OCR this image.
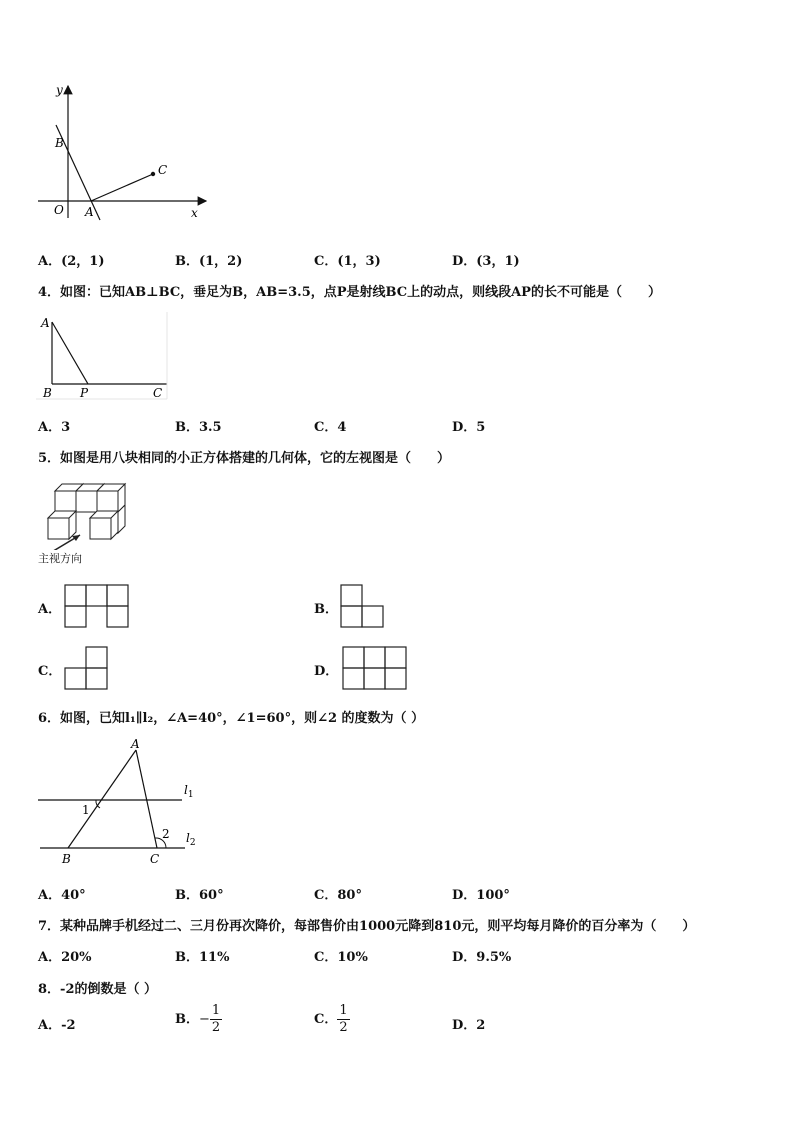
y
x
O A
B
C
A．(2，1)	B．(1，2)	C．(1，3)	D．(3，1)
4．如图：已知AB⊥BC，垂足为B，AB=3.5，点P是射线BC上的动点，则线段AP的长不可能是（　　）
A
B P	C
A．3	B．3.5	C．4	D．5
5．如图是用八块相同的小正方体搭建的几何体，它的左视图是（　　）
主视方向
A．	B．
C．	D．
6．如图，已知l₁∥l₂，∠A=40°，∠1=60°，则∠2 的度数为（ ）
A
B	C
1
2
$l_1$
$l_2$
A．40°	B．60°	C．80°	D．100°
7．某种品牌手机经过二、三月份再次降价，每部售价由1000元降到810元，则平均每月降价的百分率为（　　）
A．20%	B．11%	C．10%	D．9.5%
8．-2的倒数是（ ）
A．-2	B．− $\frac{1}{2}$	C． $\frac{1}{2}$	D．2
